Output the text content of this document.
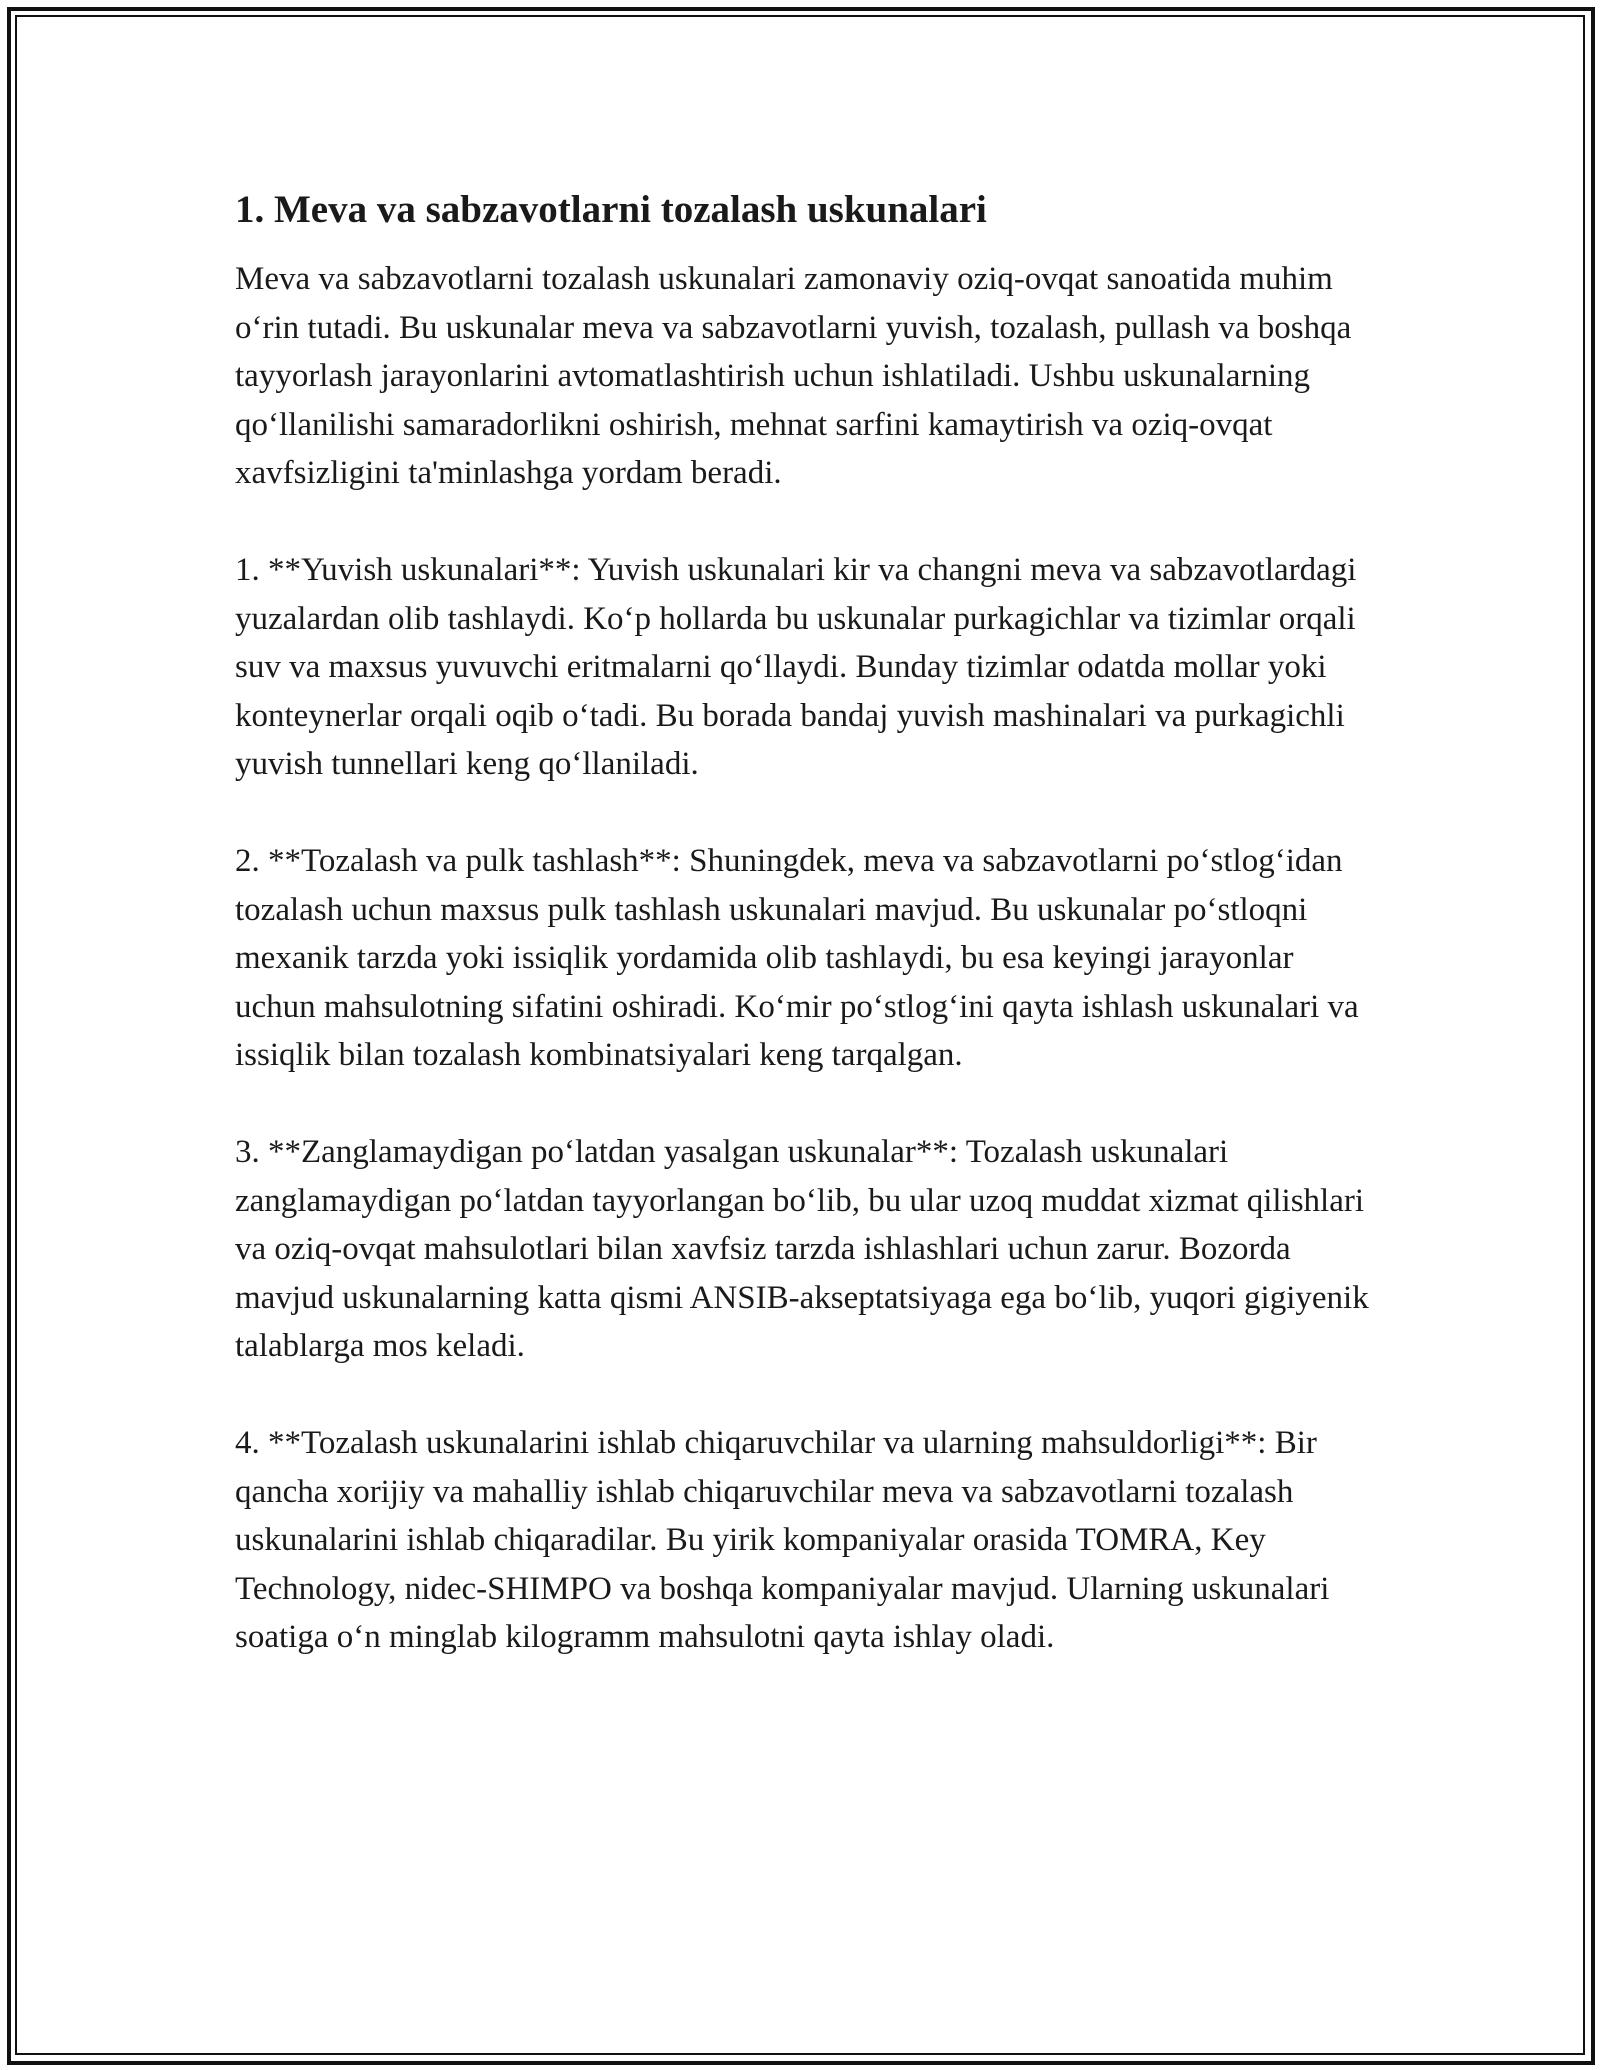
1. Meva va sabzavotlarni tozalash uskunalari

Meva va sabzavotlarni tozalash uskunalari zamonaviy oziq-ovqat sanoatida muhim o‘rin tutadi. Bu uskunalar meva va sabzavotlarni yuvish, tozalash, pullash va boshqa tayyorlash jarayonlarini avtomatlashtirish uchun ishlatiladi. Ushbu uskunalarning qo‘llanilishi samaradorlikni oshirish, mehnat sarfini kamaytirish va oziq-ovqat xavfsizligini ta'minlashga yordam beradi.

1. **Yuvish uskunalari**: Yuvish uskunalari kir va changni meva va sabzavotlardagi yuzalardan olib tashlaydi. Ko‘p hollarda bu uskunalar purkagichlar va tizimlar orqali suv va maxsus yuvuvchi eritmalarni qo‘llaydi. Bunday tizimlar odatda mollar yoki konteynerlar orqali oqib o‘tadi. Bu borada bandaj yuvish mashinalari va purkagichli yuvish tunnellari keng qo‘llaniladi.

2. **Tozalash va pulk tashlash**: Shuningdek, meva va sabzavotlarni po‘stlog‘idan tozalash uchun maxsus pulk tashlash uskunalari mavjud. Bu uskunalar po‘stloqni mexanik tarzda yoki issiqlik yordamida olib tashlaydi, bu esa keyingi jarayonlar uchun mahsulotning sifatini oshiradi. Ko‘mir po‘stlog‘ini qayta ishlash uskunalari va issiqlik bilan tozalash kombinatsiyalari keng tarqalgan.

3. **Zanglamaydigan po‘latdan yasalgan uskunalar**: Tozalash uskunalari zanglamaydigan po‘latdan tayyorlangan bo‘lib, bu ular uzoq muddat xizmat qilishlari va oziq-ovqat mahsulotlari bilan xavfsiz tarzda ishlashlari uchun zarur. Bozorda mavjud uskunalarning katta qismi ANSIB-akseptatsiyaga ega bo‘lib, yuqori gigiyenik talablarga mos keladi.

4. **Tozalash uskunalarini ishlab chiqaruvchilar va ularning mahsuldorligi**: Bir qancha xorijiy va mahalliy ishlab chiqaruvchilar meva va sabzavotlarni tozalash uskunalarini ishlab chiqaradilar. Bu yirik kompaniyalar orasida TOMRA, Key Technology, nidec-SHIMPO va boshqa kompaniyalar mavjud. Ularning uskunalari soatiga o‘n minglab kilogramm mahsulotni qayta ishlay oladi.
